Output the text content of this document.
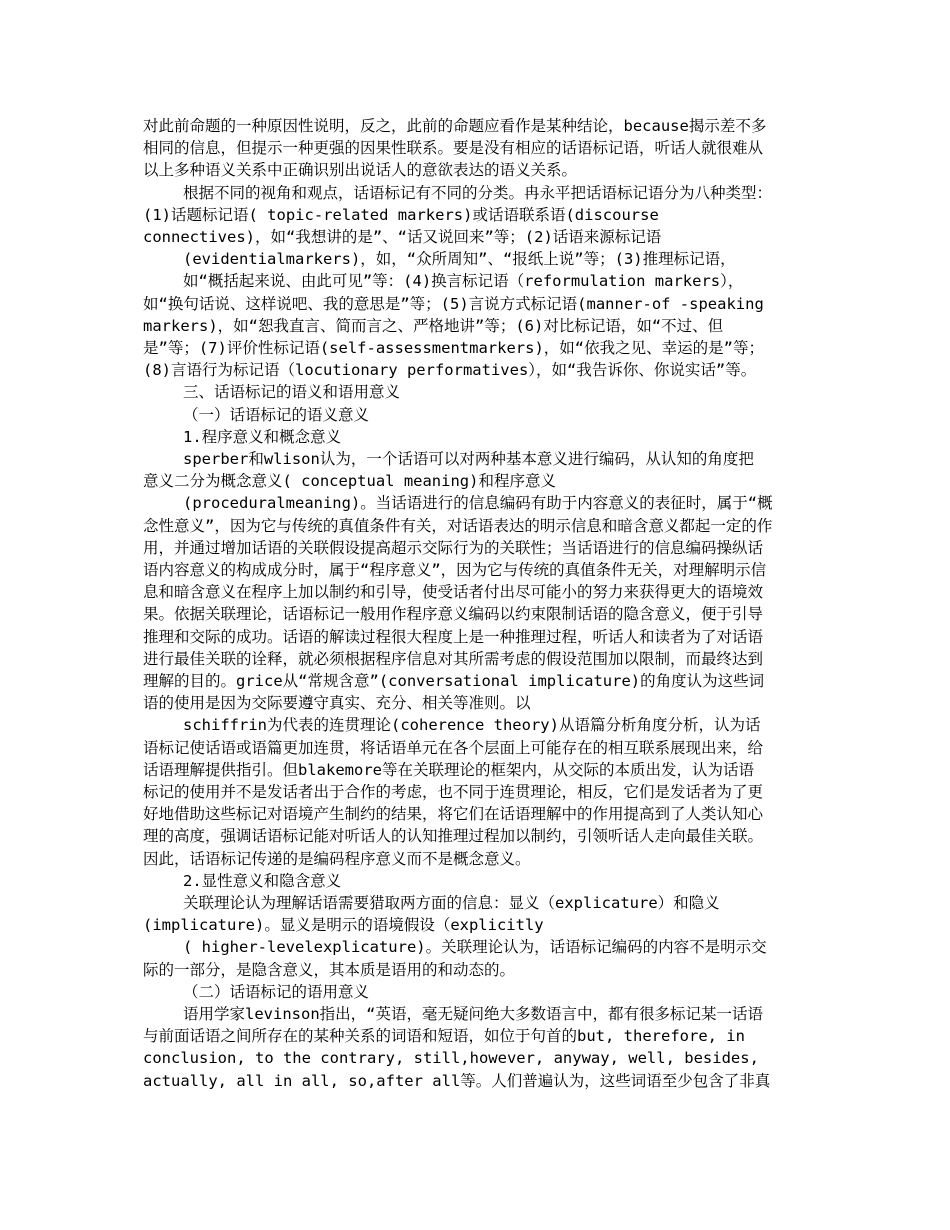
对此前命题的一种原因性说明，反之，此前的命题应看作是某种结论，because揭示差不多
相同的信息，但提示一种更强的因果性联系。要是没有相应的话语标记语，听话人就很难从
以上多种语义关系中正确识别出说话人的意欲表达的语义关系。
根据不同的视角和观点，话语标记有不同的分类。冉永平把话语标记语分为八种类型：
(1)话题标记语( topic-related markers)或话语联系语(discourse
connectives)，如“我想讲的是”、“话又说回来”等；(2)话语来源标记语
(evidentialmarkers)，如，“众所周知”、“报纸上说”等；(3)推理标记语，
如“概括起来说、由此可见”等：(4)换言标记语（reformulation markers），
如“换句话说、这样说吧、我的意思是”等；(5)言说方式标记语(manner-of -speaking
markers)，如“恕我直言、简而言之、严格地讲”等；(6)对比标记语，如“不过、但
是”等；(7)评价性标记语(self-assessmentmarkers)，如“依我之见、幸运的是”等；
(8)言语行为标记语（locutionary performatives），如“我告诉你、你说实话”等。
三、话语标记的语义和语用意义
（一）话语标记的语义意义
1.程序意义和概念意义
sperber和wlison认为，一个话语可以对两种基本意义进行编码，从认知的角度把
意义二分为概念意义( conceptual meaning)和程序意义
(proceduralmeaning)。当话语进行的信息编码有助于内容意义的表征时，属于“概
念性意义”，因为它与传统的真值条件有关，对话语表达的明示信息和暗含意义都起一定的作
用，并通过增加话语的关联假设提高超示交际行为的关联性；当话语进行的信息编码操纵话
语内容意义的构成成分时，属于“程序意义”，因为它与传统的真值条件无关，对理解明示信
息和暗含意义在程序上加以制约和引导，使受话者付出尽可能小的努力来获得更大的语境效
果。依据关联理论，话语标记一般用作程序意义编码以约束限制话语的隐含意义，便于引导
推理和交际的成功。话语的解读过程很大程度上是一种推理过程，听话人和读者为了对话语
进行最佳关联的诠释，就必须根据程序信息对其所需考虑的假设范围加以限制，而最终达到
理解的目的。grice从“常规含意”(conversational implicature)的角度认为这些词
语的使用是因为交际要遵守真实、充分、相关等准则。以
schiffrin为代表的连贯理论(coherence theory)从语篇分析角度分析，认为话
语标记使话语或语篇更加连贯，将话语单元在各个层面上可能存在的相互联系展现出来，给
话语理解提供指引。但blakemore等在关联理论的框架内，从交际的本质出发，认为话语
标记的使用并不是发话者出于合作的考虑，也不同于连贯理论，相反，它们是发话者为了更
好地借助这些标记对语境产生制约的结果，将它们在话语理解中的作用提高到了人类认知心
理的高度，强调话语标记能对听话人的认知推理过程加以制约，引领听话人走向最佳关联。
因此，话语标记传递的是编码程序意义而不是概念意义。
2.显性意义和隐含意义
关联理论认为理解话语需要猎取两方面的信息：显义（explicature）和隐义
(implicature)。显义是明示的语境假设（explicitly
( higher-levelexplicature)。关联理论认为，话语标记编码的内容不是明示交
际的一部分，是隐含意义，其本质是语用的和动态的。
（二）话语标记的语用意义
语用学家levinson指出，“英语，毫无疑问绝大多数语言中，都有很多标记某一话语
与前面话语之间所存在的某种关系的词语和短语，如位于句首的but, therefore, in
conclusion, to the contrary, still,however, anyway, well, besides,
actually, all in all, so,after all等。人们普遍认为，这些词语至少包含了非真
